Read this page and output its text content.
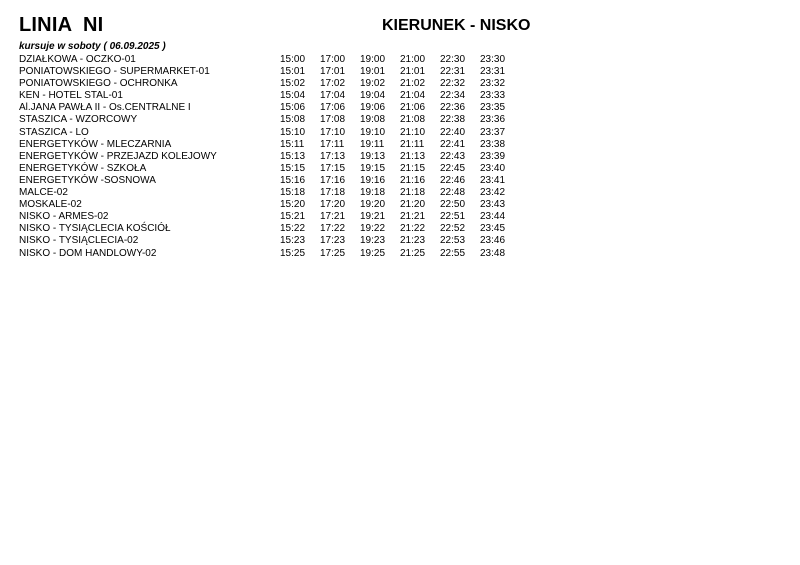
LINIA  NI	KIERUNEK - NISKO
kursuje w soboty ( 06.09.2025 )
DZIAŁKOWA - OCZKO-01	15:00	17:00	19:00	21:00	22:30	23:30
PONIATOWSKIEGO - SUPERMARKET-01	15:01	17:01	19:01	21:01	22:31	23:31
PONIATOWSKIEGO - OCHRONKA	15:02	17:02	19:02	21:02	22:32	23:32
KEN - HOTEL STAL-01	15:04	17:04	19:04	21:04	22:34	23:33
Al.JANA PAWŁA II - Os.CENTRALNE I	15:06	17:06	19:06	21:06	22:36	23:35
STASZICA - WZORCOWY	15:08	17:08	19:08	21:08	22:38	23:36
STASZICA - LO	15:10	17:10	19:10	21:10	22:40	23:37
ENERGETYKÓW - MLECZARNIA	15:11	17:11	19:11	21:11	22:41	23:38
ENERGETYKÓW - PRZEJAZD KOLEJOWY	15:13	17:13	19:13	21:13	22:43	23:39
ENERGETYKÓW - SZKOŁA	15:15	17:15	19:15	21:15	22:45	23:40
ENERGETYKÓW -SOSNOWA	15:16	17:16	19:16	21:16	22:46	23:41
MALCE-02	15:18	17:18	19:18	21:18	22:48	23:42
MOSKALE-02	15:20	17:20	19:20	21:20	22:50	23:43
NISKO - ARMES-02	15:21	17:21	19:21	21:21	22:51	23:44
NISKO - TYSIĄCLECIA KOŚCIÓŁ	15:22	17:22	19:22	21:22	22:52	23:45
NISKO - TYSIĄCLECIA-02	15:23	17:23	19:23	21:23	22:53	23:46
NISKO - DOM HANDLOWY-02	15:25	17:25	19:25	21:25	22:55	23:48
